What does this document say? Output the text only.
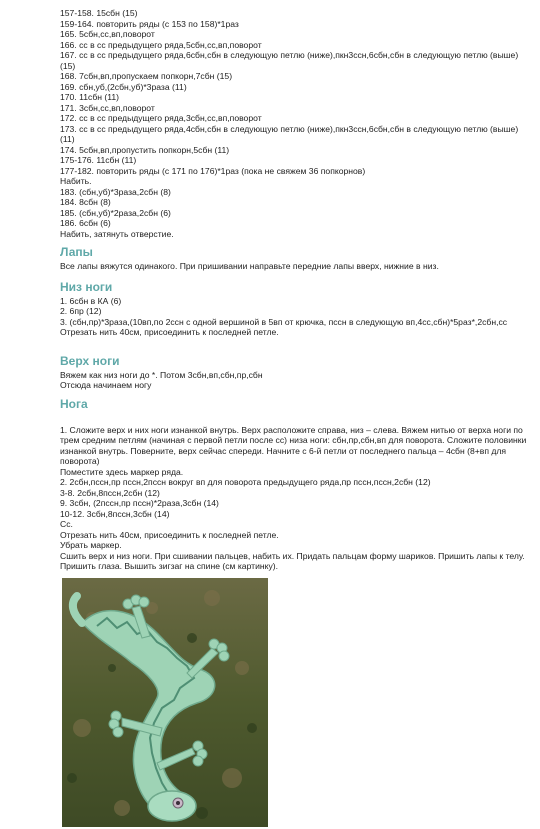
157-158. 15сбн (15)
159-164. повторить ряды (с 153 по 158)*1раз
165. 5сбн,сс,вп,поворот
166. сс в сс предыдущего ряда,5сбн,сс,вп,поворот
167. сс в сс предыдущего ряда,6сбн,сбн в следующую петлю (ниже),пкн3ссн,6сбн,сбн в следующую петлю (выше) (15)
168. 7сбн,вп,пропускаем попкорн,7сбн (15)
169. сбн,уб,(2сбн,уб)*3раза (11)
170. 11сбн (11)
171. 3сбн,сс,вп,поворот
172. сс в сс предыдущего ряда,3сбн,сс,вп,поворот
173. сс в сс предыдущего ряда,4сбн,сбн в следующую петлю (ниже),пкн3ссн,6сбн,сбн в следующую петлю (выше) (11)
174. 5сбн,вп,пропустить попкорн,5сбн (11)
175-176. 11сбн (11)
177-182. повторить ряды (с 171 по 176)*1раз (пока не свяжем 36 попкорнов)
Набить.
183. (сбн,уб)*3раза,2сбн (8)
184. 8сбн (8)
185. (сбн,уб)*2раза,2сбн (6)
186. 6сбн (6)
Набить, затянуть отверстие.
Лапы
Все лапы вяжутся одинакого. При пришивании направьте передние лапы вверх, нижние в низ.
Низ ноги
1. 6сбн в КА (6)
2. 6пр (12)
3. (сбн,пр)*3раза,(10вп,по 2ссн с одной вершиной в 5вп от крючка, пссн в следующую вп,4сс,сбн)*5раз*,2сбн,сс
Отрезать нить 40см, присоединить к последней петле.
Верх ноги
Вяжем как низ ноги до *. Потом 3сбн,вп,сбн,пр,сбн
Отсюда начинаем ногу
Нога
1. Сложите верх и них ноги изнанкой внутрь. Верх расположите справа, низ – слева. Вяжем нитью от верха ноги по трем средним петлям (начиная с первой петли после сс) низа ноги: сбн,пр,сбн,вп для поворота. Сложите половинки изнанкой внутрь. Поверните, верх сейчас спереди. Начните с 6-й петли от последнего пальца – 4сбн (8+вп для поворота)
Поместите здесь маркер ряда.
2. 2сбн,пссн,пр пссн,2пссн вокруг вп для поворота предыдущего ряда,пр пссн,пссн,2сбн (12)
3-8. 2сбн,8пссн,2сбн (12)
9. 3сбн, (2пссн,пр пссн)*2раза,3сбн (14)
10-12. 3сбн,8пссн,3сбн (14)
Сс.
Отрезать нить 40см, присоединить к последней петле.
Убрать маркер.
Сшить верх и низ ноги. При сшивании пальцев, набить их. Придать пальцам форму шариков. Пришить лапы к телу. Пришить глаза. Вышить зигзаг на спине (см картинку).
